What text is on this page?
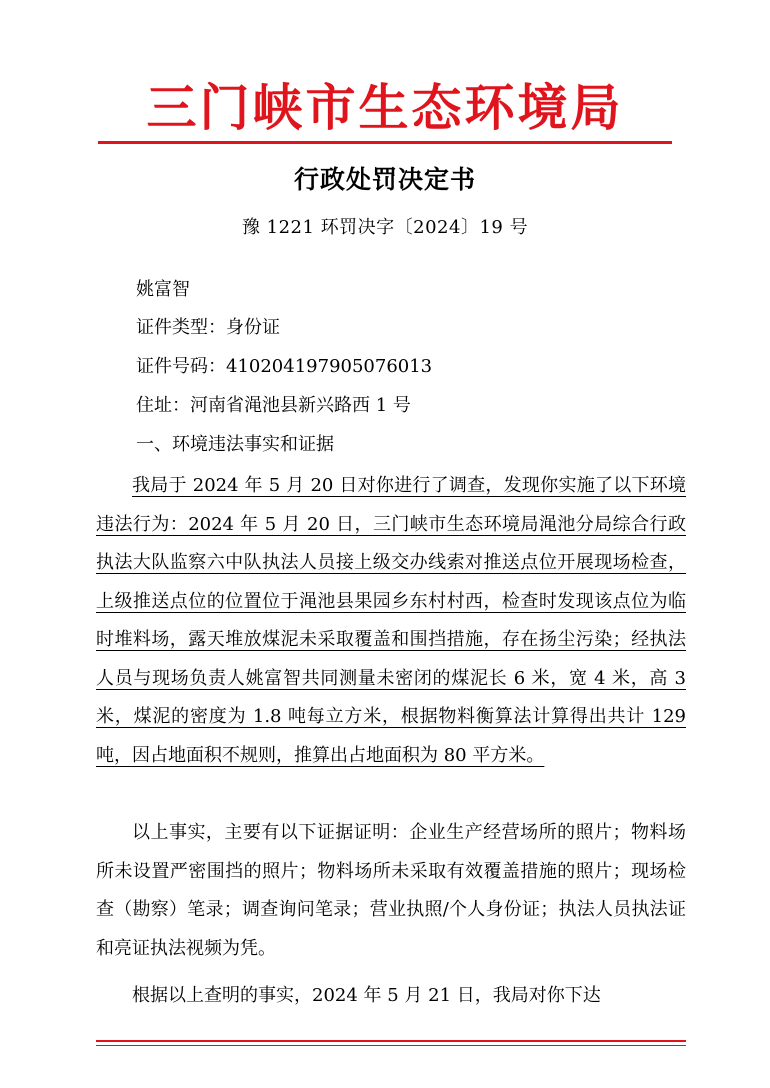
三门峡市生态环境局
行政处罚决定书
豫 1221 环罚决字〔2024〕19 号
姚富智
证件类型：身份证
证件号码：410204197905076013
住址：河南省渑池县新兴路西 1 号
一、环境违法事实和证据
我局于 2024 年 5 月 20 日对你进行了调查，发现你实施了以下环境违法行为：2024 年 5 月 20 日，三门峡市生态环境局渑池分局综合行政执法大队监察六中队执法人员接上级交办线索对推送点位开展现场检查，上级推送点位的位置位于渑池县果园乡东村村西，检查时发现该点位为临时堆料场，露天堆放煤泥未采取覆盖和围挡措施，存在扬尘污染；经执法人员与现场负责人姚富智共同测量未密闭的煤泥长 6 米，宽 4 米，高 3 米，煤泥的密度为 1.8 吨每立方米，根据物料衡算法计算得出共计 129 吨，因占地面积不规则，推算出占地面积为 80 平方米。
以上事实，主要有以下证据证明：企业生产经营场所的照片；物料场所未设置严密围挡的照片；物料场所未采取有效覆盖措施的照片；现场检查（勘察）笔录；调查询问笔录；营业执照/个人身份证；执法人员执法证和亮证执法视频为凭。
根据以上查明的事实，2024 年 5 月 21 日，我局对你下达
